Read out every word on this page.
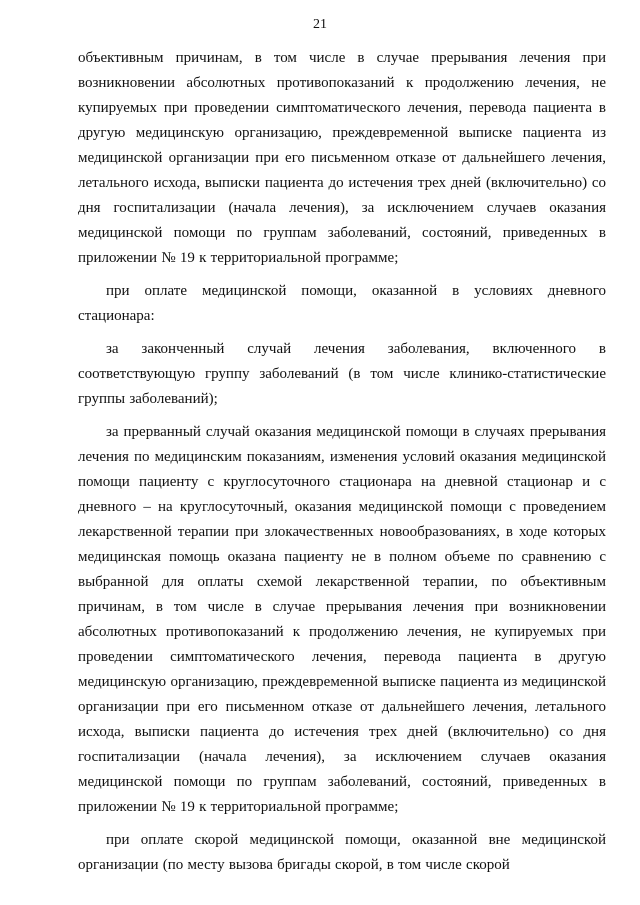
21

объективным причинам, в том числе в случае прерывания лечения при возникновении абсолютных противопоказаний к продолжению лечения, не купируемых при проведении симптоматического лечения, перевода пациента в другую медицинскую организацию, преждевременной выписке пациента из медицинской организации при его письменном отказе от дальнейшего лечения, летального исхода, выписки пациента до истечения трех дней (включительно) со дня госпитализации (начала лечения), за исключением случаев оказания медицинской помощи по группам заболеваний, состояний, приведенных в приложении № 19 к территориальной программе;

при оплате медицинской помощи, оказанной в условиях дневного стационара:

за законченный случай лечения заболевания, включенного в соответствующую группу заболеваний (в том числе клинико-статистические группы заболеваний);

за прерванный случай оказания медицинской помощи в случаях прерывания лечения по медицинским показаниям, изменения условий оказания медицинской помощи пациенту с круглосуточного стационара на дневной стационар и с дневного – на круглосуточный, оказания медицинской помощи с проведением лекарственной терапии при злокачественных новообразованиях, в ходе которых медицинская помощь оказана пациенту не в полном объеме по сравнению с выбранной для оплаты схемой лекарственной терапии, по объективным причинам, в том числе в случае прерывания лечения при возникновении абсолютных противопоказаний к продолжению лечения, не купируемых при проведении симптоматического лечения, перевода пациента в другую медицинскую организацию, преждевременной выписке пациента из медицинской организации при его письменном отказе от дальнейшего лечения, летального исхода, выписки пациента до истечения трех дней (включительно) со дня госпитализации (начала лечения), за исключением случаев оказания медицинской помощи по группам заболеваний, состояний, приведенных в приложении № 19 к территориальной программе;

при оплате скорой медицинской помощи, оказанной вне медицинской организации (по месту вызова бригады скорой, в том числе скорой
